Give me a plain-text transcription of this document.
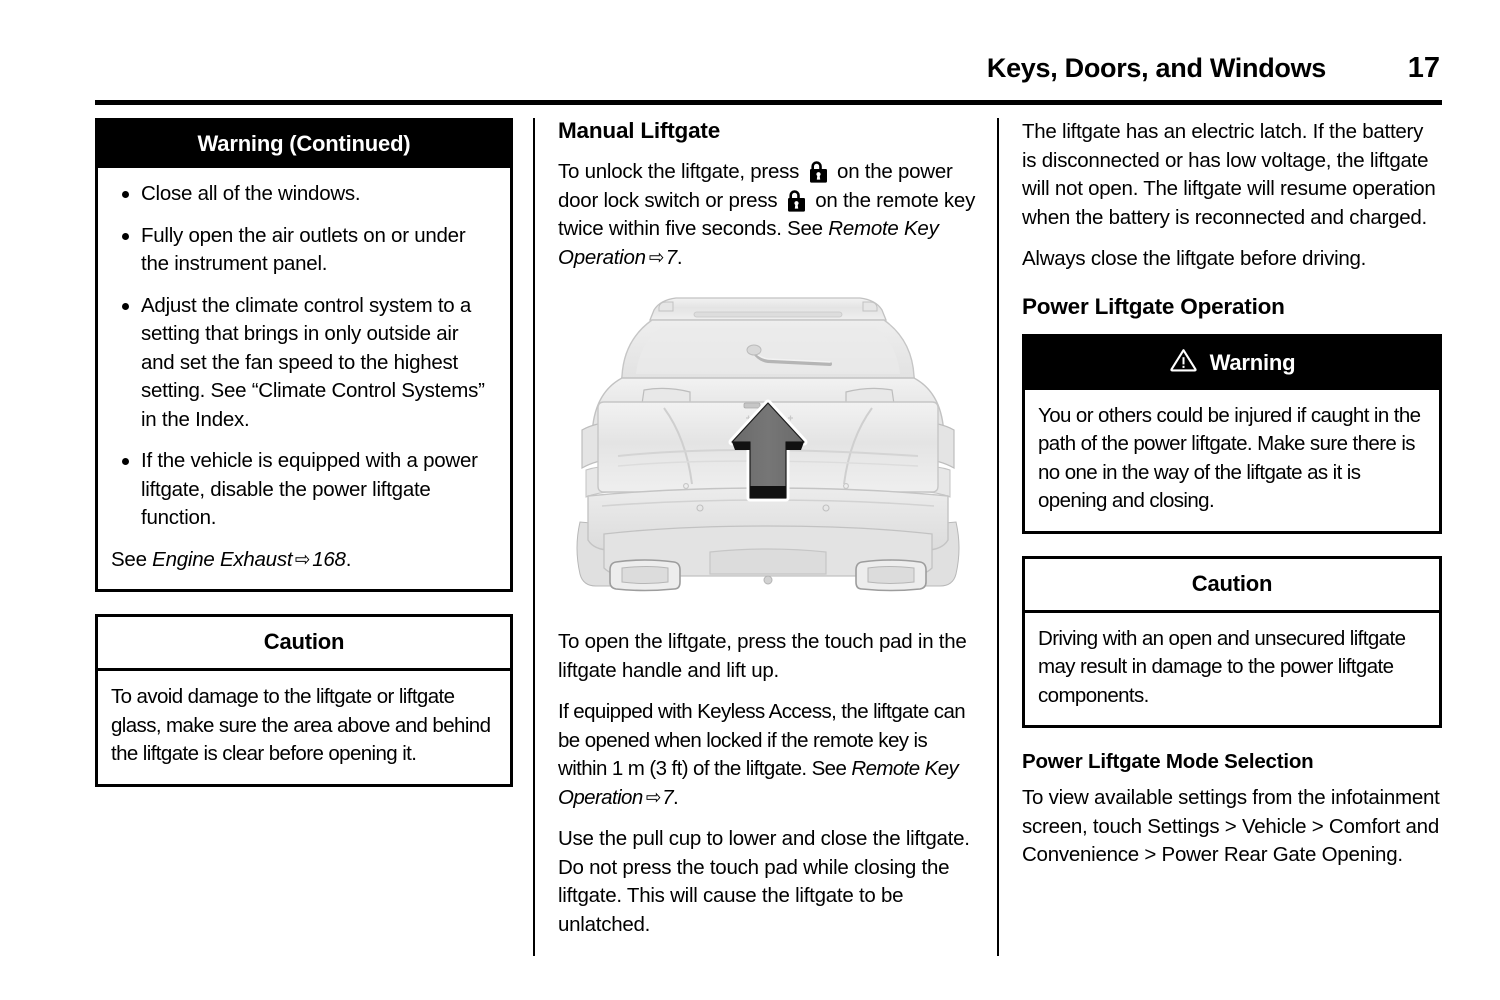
Keys, Doors, and Windows	17
Warning (Continued)
Close all of the windows.
Fully open the air outlets on or under the instrument panel.
Adjust the climate control system to a setting that brings in only outside air and set the fan speed to the highest setting. See “Climate Control Systems” in the Index.
If the vehicle is equipped with a power liftgate, disable the power liftgate function.

See Engine Exhaust ⇨168.

Caution

To avoid damage to the liftgate or liftgate glass, make sure the area above and behind the liftgate is clear before opening it.

Manual Liftgate

To unlock the liftgate, press  on the power door lock switch or press  on the remote key twice within five seconds. See Remote Key Operation ⇨7.

To open the liftgate, press the touch pad in the liftgate handle and lift up.

If equipped with Keyless Access, the liftgate can be opened when locked if the remote key is within 1 m (3 ft) of the liftgate. See Remote Key Operation ⇨7.

Use the pull cup to lower and close the liftgate. Do not press the touch pad while closing the liftgate. This will cause the liftgate to be unlatched.

The liftgate has an electric latch. If the battery is disconnected or has low voltage, the liftgate will not open. The liftgate will resume operation when the battery is reconnected and charged.

Always close the liftgate before driving.

Power Liftgate Operation
Warning

You or others could be injured if caught in the path of the power liftgate. Make sure there is no one in the way of the liftgate as it is opening and closing.

Caution

Driving with an open and unsecured liftgate may result in damage to the power liftgate components.

Power Liftgate Mode Selection

To view available settings from the infotainment screen, touch Settings > Vehicle > Comfort and Convenience > Power Rear Gate Opening.
